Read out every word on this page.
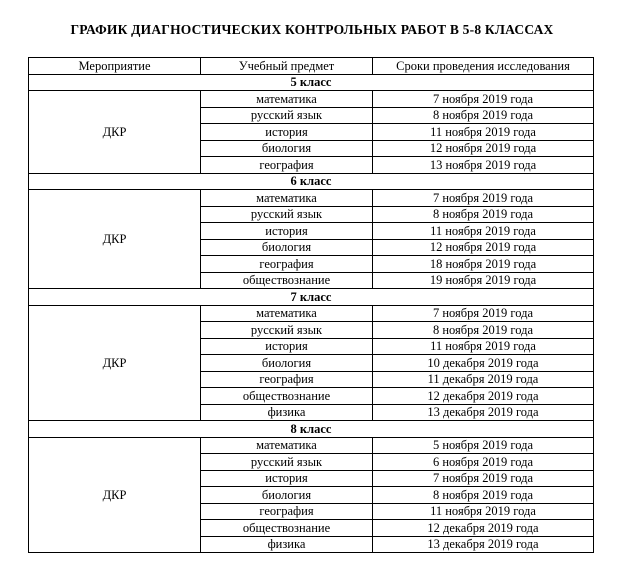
ГРАФИК ДИАГНОСТИЧЕСКИХ КОНТРОЛЬНЫХ РАБОТ В 5-8 КЛАССАХ
Мероприятие	Учебный предмет	Сроки проведения исследования
5 класс		
ДКР	математика	7 ноября 2019 года
	русский язык	8 ноября 2019 года
	история	11 ноября 2019 года
	биология	12 ноября 2019 года
	география	13 ноября 2019 года
6 класс		
ДКР	математика	7 ноября 2019 года
	русский язык	8 ноября 2019 года
	история	11 ноября 2019 года
	биология	12 ноября 2019 года
	география	18 ноября 2019 года
	обществознание	19 ноября 2019 года
7 класс		
ДКР	математика	7 ноября 2019 года
	русский язык	8 ноября 2019 года
	история	11 ноября 2019 года
	биология	10 декабря 2019 года
	география	11 декабря 2019 года
	обществознание	12 декабря 2019 года
	физика	13 декабря 2019 года
8 класс		
ДКР	математика	5 ноября 2019 года
	русский язык	6 ноября 2019 года
	история	7 ноября 2019 года
	биология	8 ноября 2019 года
	география	11 ноября 2019 года
	обществознание	12 декабря 2019 года
	физика	13 декабря 2019 года
